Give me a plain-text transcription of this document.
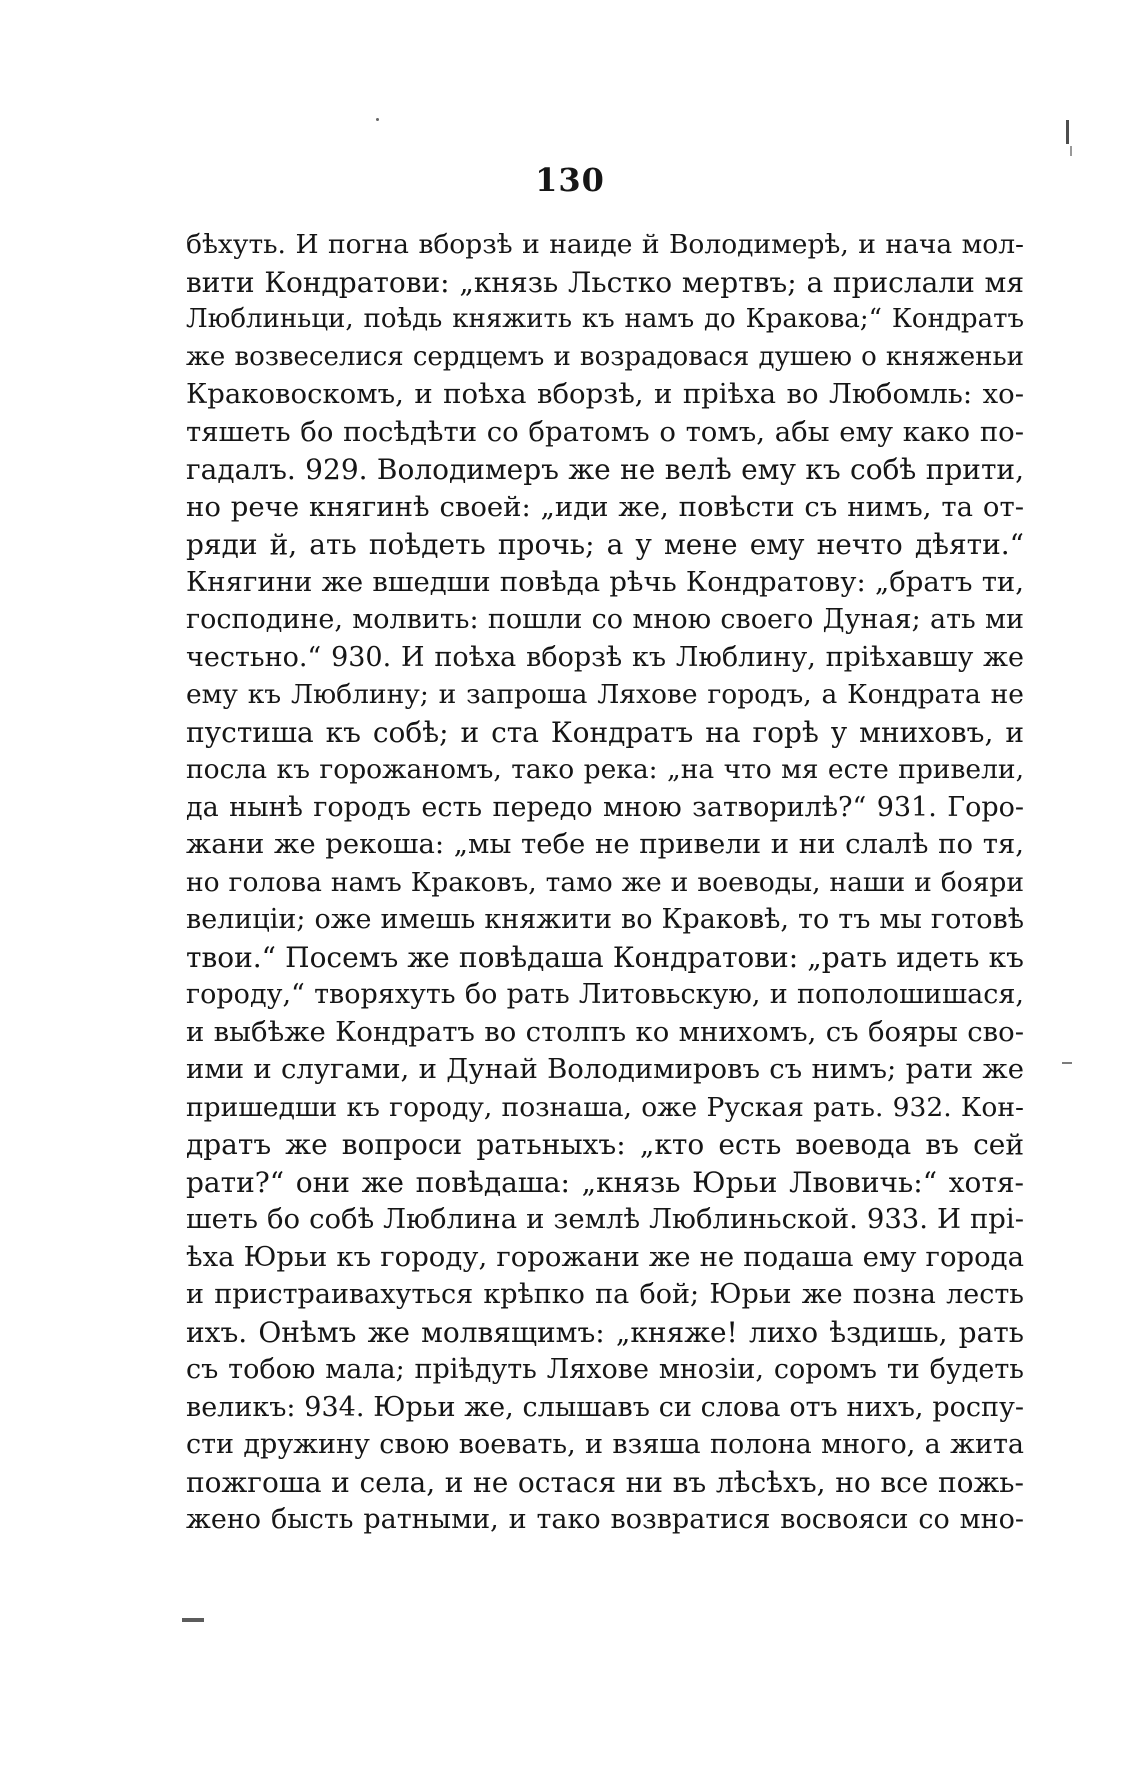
130
бѣхуть. И погна вборзѣ и наиде й Володимерѣ, и нача мол-
вити Кондратови: „князь Льстко мертвъ; а прислали мя
Люблиньци, поѣдь княжить къ намъ до Кракова;“ Кондратъ
же возвеселися сердцемъ и возрадовася душею о княженьи
Краковоскомъ, и поѣха вборзѣ, и прiѣха во Любомль: хо-
тяшеть бо посѣдѣти со братомъ о томъ, абы ему како по-
гадалъ. 929. Володимеръ же не велѣ ему къ собѣ прити,
но рече княгинѣ своей: „иди же, повѣсти съ нимъ, та от-
ряди й, ать поѣдеть прочь; а у мене ему нечто дѣяти.“
Княгини же вшедши повѣда рѣчь Кондратову: „братъ ти,
господине, молвить: пошли со мною своего Дуная; ать ми
честьно.“ 930. И поѣха вборзѣ къ Люблину, прiѣхавшу же
ему къ Люблину; и запроша Ляхове городъ, а Кондрата не
пустиша къ собѣ; и ста Кондратъ на горѣ у мниховъ, и
посла къ горожаномъ, тако река: „на что мя есте привели,
да нынѣ городъ есть передо мною затворилѣ?“ 931. Горо-
жани же рекоша: „мы тебе не привели и ни слалѣ по тя,
но голова намъ Краковъ, тамо же и воеводы, наши и бояри
велицiи; оже имешь княжити во Краковѣ, то тъ мы готовѣ
твои.“ Посемъ же повѣдаша Кондратови: „рать идеть къ
городу,“ творяхуть бо рать Литовьскую, и пополошишася,
и выбѣже Кондратъ во столпъ ко мнихомъ, съ бояры сво-
ими и слугами, и Дунай Володимировъ съ нимъ; рати же
пришедши къ городу, познаша, оже Руская рать. 932. Кон-
дратъ же вопроси ратьныхъ: „кто есть воевода въ сей
рати?“ они же повѣдаша: „князь Юрьи Лвовичь:“ хотя-
шеть бо собѣ Люблина и землѣ Люблиньской. 933. И прi-
ѣха Юрьи къ городу, горожани же не подаша ему города
и пристраивахуться крѣпко па бой; Юрьи же позна лесть
ихъ. Онѣмъ же молвящимъ: „княже! лихо ѣздишь, рать
съ тобою мала; прiѣдуть Ляхове мнозiи, соромъ ти будеть
великъ: 934. Юрьи же, слышавъ си слова отъ нихъ, роспу-
сти дружину свою воевать, и взяша полона много, а жита
пожгоша и села, и не остася ни въ лѣсѣхъ, но все пожь-
жено бысть ратными, и тако возвратися восвояси со мно-
